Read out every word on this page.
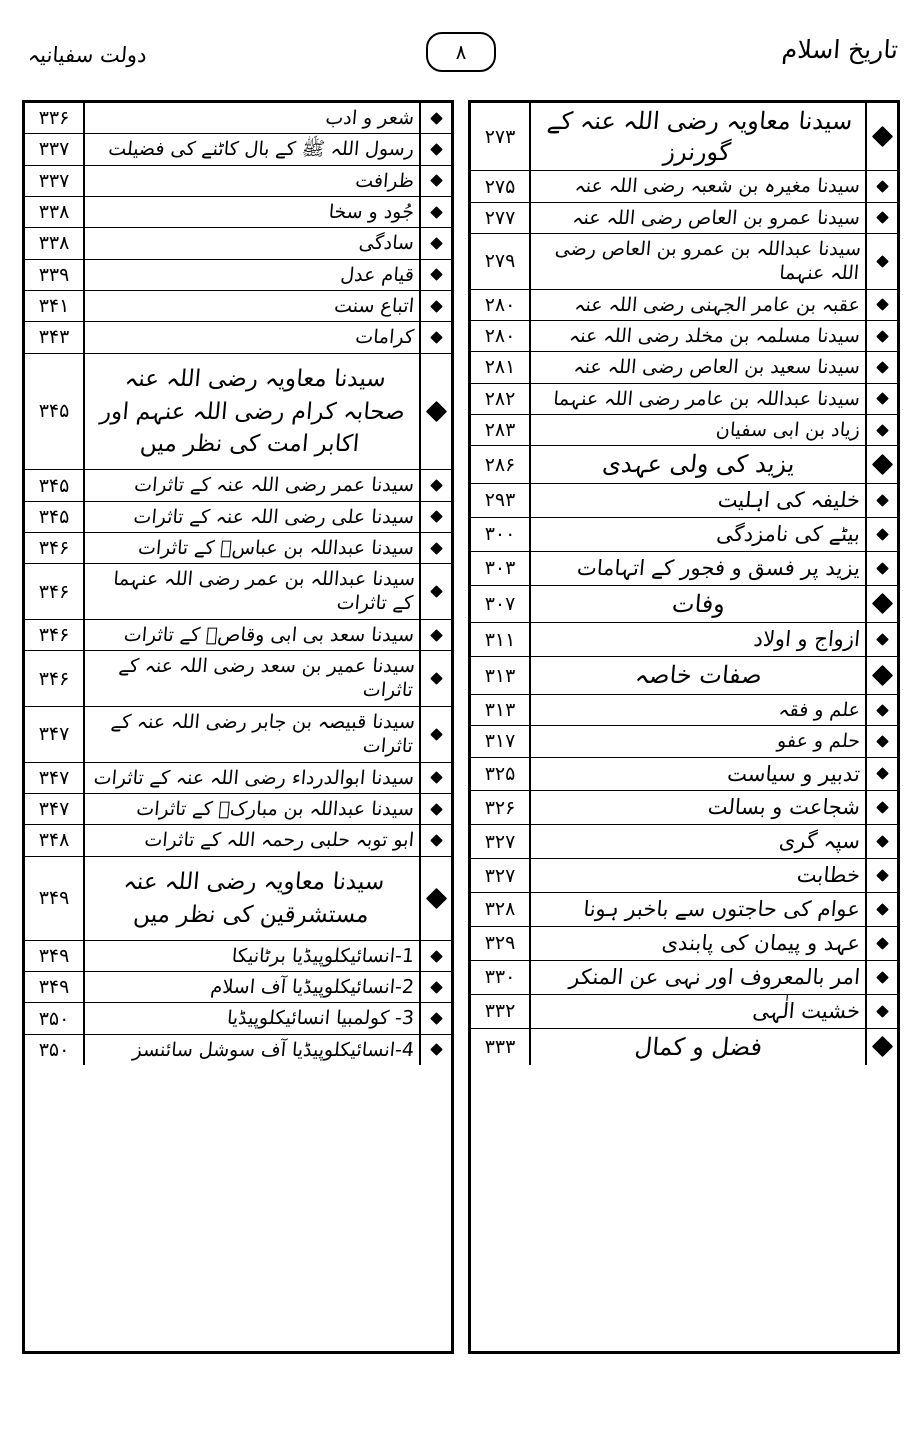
تاریخ اسلام
۸
دولت سفیانیہ
سیدنا معاویہ رضی اللہ عنہ کے گورنرز
۲۷۳
سیدنا مغیرہ بن شعبہ رضی اللہ عنہ
۲۷۵
سیدنا عمرو بن العاص رضی اللہ عنہ
۲۷۷
سیدنا عبداللہ بن عمرو بن العاص رضی اللہ عنہما
۲۷۹
عقبہ بن عامر الجہنی رضی اللہ عنہ
۲۸۰
سیدنا مسلمہ بن مخلد رضی اللہ عنہ
۲۸۰
سیدنا سعید بن العاص رضی اللہ عنہ
۲۸۱
سیدنا عبداللہ بن عامر رضی اللہ عنہما
۲۸۲
زیاد بن ابی سفیان
۲۸۳
یزید کی ولی عہدی
۲۸۶
خلیفہ کی اہلیت
۲۹۳
بیٹے کی نامزدگی
۳۰۰
یزید پر فسق و فجور کے اتہامات
۳۰۳
وفات
۳۰۷
ازواج و اولاد
۳۱۱
صفات خاصہ
۳۱۳
علم و فقہ
۳۱۳
حلم و عفو
۳۱۷
تدبیر و سیاست
۳۲۵
شجاعت و بسالت
۳۲۶
سپہ گری
۳۲۷
خطابت
۳۲۷
عوام کی حاجتوں سے باخبر ہونا
۳۲۸
عہد و پیمان کی پابندی
۳۲۹
امر بالمعروف اور نہی عن المنکر
۳۳۰
خشیت الٰہی
۳۳۲
فضل و کمال
۳۳۳
شعر و ادب
۳۳۶
رسول اللہ ﷺ کے بال کاٹنے کی فضیلت
۳۳۷
ظرافت
۳۳۷
جُود و سخا
۳۳۸
سادگی
۳۳۸
قیام عدل
۳۳۹
اتباع سنت
۳۴۱
کرامات
۳۴۳
سیدنا معاویہ رضی اللہ عنہ صحابہ کرام رضی اللہ عنہم اور اکابر امت کی نظر میں
۳۴۵
سیدنا عمر رضی اللہ عنہ کے تاثرات
۳۴۵
سیدنا علی رضی اللہ عنہ کے تاثرات
۳۴۵
سیدنا عبداللہ بن عباسؓ کے تاثرات
۳۴۶
سیدنا عبداللہ بن عمر رضی اللہ عنہما کے تاثرات
۳۴۶
سیدنا سعد بی ابی وقاصؓ کے تاثرات
۳۴۶
سیدنا عمیر بن سعد رضی اللہ عنہ کے تاثرات
۳۴۶
سیدنا قبیصہ بن جابر رضی اللہ عنہ کے تاثرات
۳۴۷
سیدنا ابوالدرداء رضی اللہ عنہ کے تاثرات
۳۴۷
سیدنا عبداللہ بن مبارکؒ کے تاثرات
۳۴۷
ابو توبہ حلبی رحمہ اللہ کے تاثرات
۳۴۸
سیدنا معاویہ رضی اللہ عنہ مستشرقین کی نظر میں
۳۴۹
1-انسائیکلوپیڈیا برٹانیکا
۳۴۹
2-انسائیکلوپیڈیا آف اسلام
۳۴۹
3- کولمبیا انسائیکلوپیڈیا
۳۵۰
4-انسائیکلوپیڈیا آف سوشل سائنسز
۳۵۰
